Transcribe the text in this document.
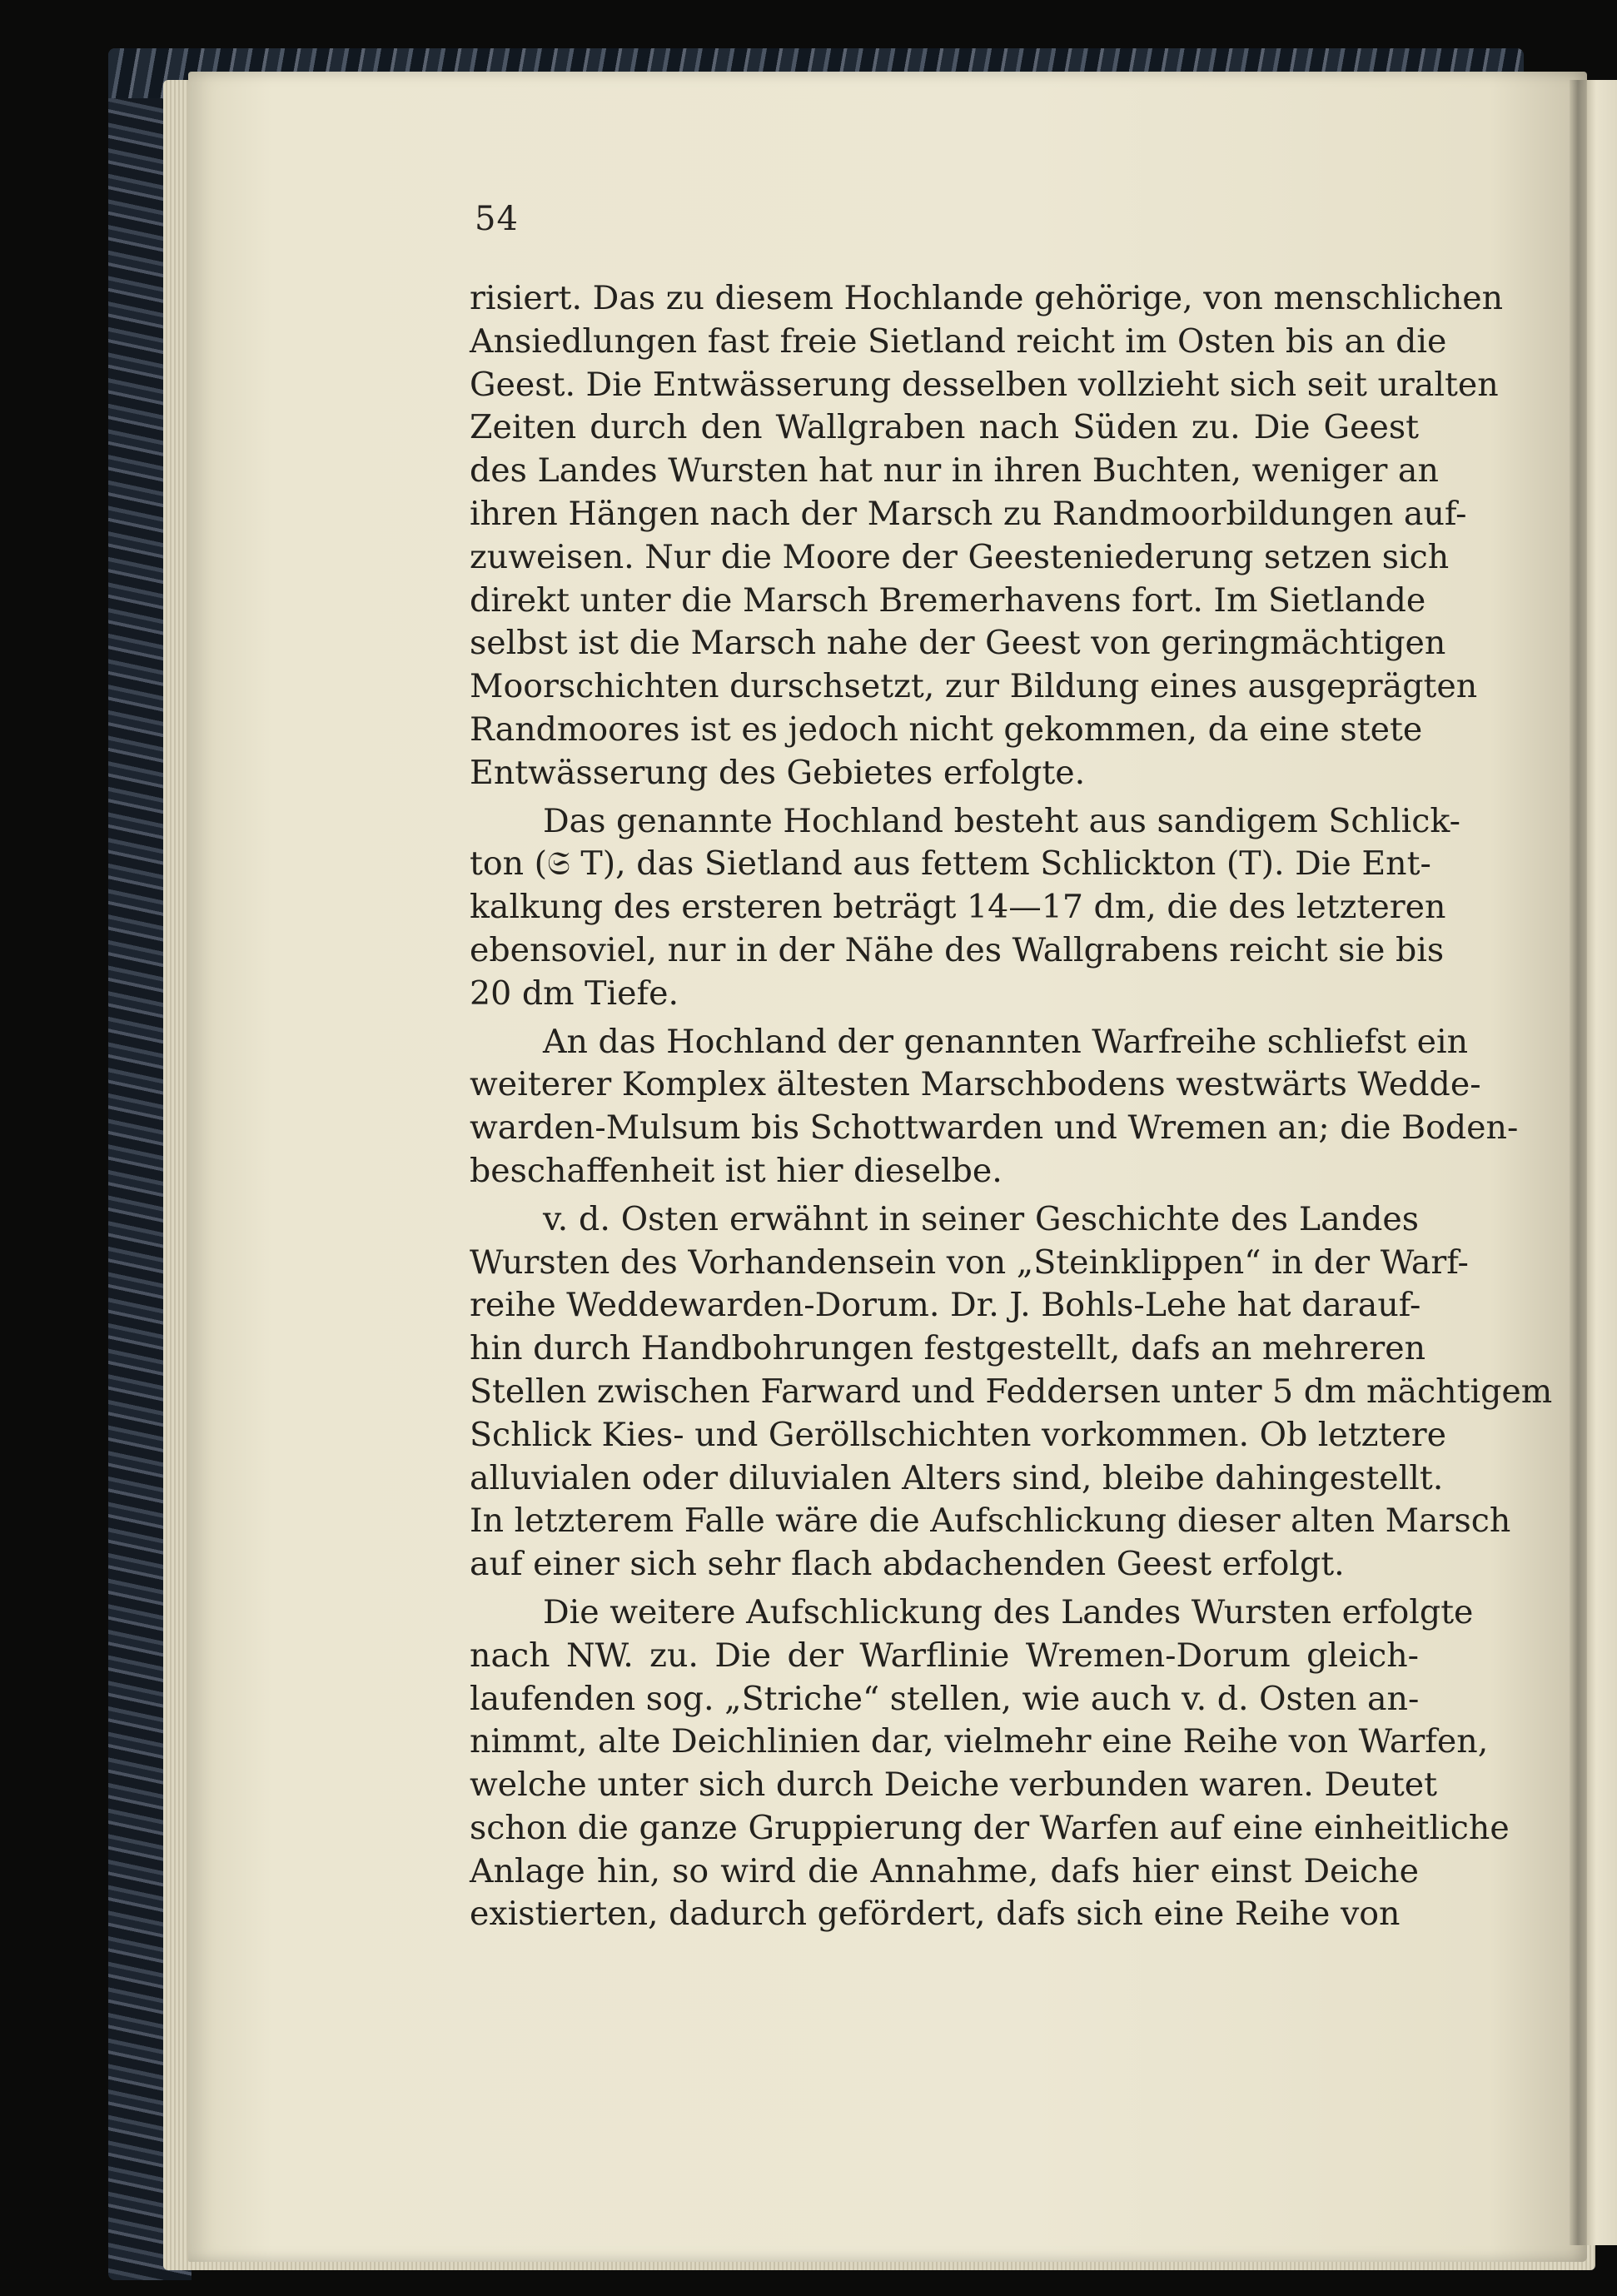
54
risiert. Das zu diesem Hochlande gehörige, von menschlichen
Ansiedlungen fast freie Sietland reicht im Osten bis an die
Geest. Die Entwässerung desselben vollzieht sich seit uralten
Zeiten durch den Wallgraben nach Süden zu. Die Geest
des Landes Wursten hat nur in ihren Buchten, weniger an
ihren Hängen nach der Marsch zu Randmoorbildungen auf-
zuweisen. Nur die Moore der Geesteniederung setzen sich
direkt unter die Marsch Bremerhavens fort. Im Sietlande
selbst ist die Marsch nahe der Geest von geringmächtigen
Moorschichten durschsetzt, zur Bildung eines ausgeprägten
Randmoores ist es jedoch nicht gekommen, da eine stete
Entwässerung des Gebietes erfolgte.
Das genannte Hochland besteht aus sandigem Schlick-
ton (𝔖 T), das Sietland aus fettem Schlickton (T). Die Ent-
kalkung des ersteren beträgt 14—17 dm, die des letzteren
ebensoviel, nur in der Nähe des Wallgrabens reicht sie bis
20 dm Tiefe.
An das Hochland der genannten Warfreihe schliefst ein
weiterer Komplex ältesten Marschbodens westwärts Wedde-
warden-Mulsum bis Schottwarden und Wremen an; die Boden-
beschaffenheit ist hier dieselbe.
v. d. Osten erwähnt in seiner Geschichte des Landes
Wursten des Vorhandensein von „Steinklippen“ in der Warf-
reihe Weddewarden-Dorum. Dr. J. Bohls-Lehe hat darauf-
hin durch Handbohrungen festgestellt, dafs an mehreren
Stellen zwischen Farward und Feddersen unter 5 dm mächtigem
Schlick Kies- und Geröllschichten vorkommen. Ob letztere
alluvialen oder diluvialen Alters sind, bleibe dahingestellt.
In letzterem Falle wäre die Aufschlickung dieser alten Marsch
auf einer sich sehr flach abdachenden Geest erfolgt.
Die weitere Aufschlickung des Landes Wursten erfolgte
nach NW. zu. Die der Warflinie Wremen-Dorum gleich-
laufenden sog. „Striche“ stellen, wie auch v. d. Osten an-
nimmt, alte Deichlinien dar, vielmehr eine Reihe von Warfen,
welche unter sich durch Deiche verbunden waren. Deutet
schon die ganze Gruppierung der Warfen auf eine einheitliche
Anlage hin, so wird die Annahme, dafs hier einst Deiche
existierten, dadurch gefördert, dafs sich eine Reihe von
